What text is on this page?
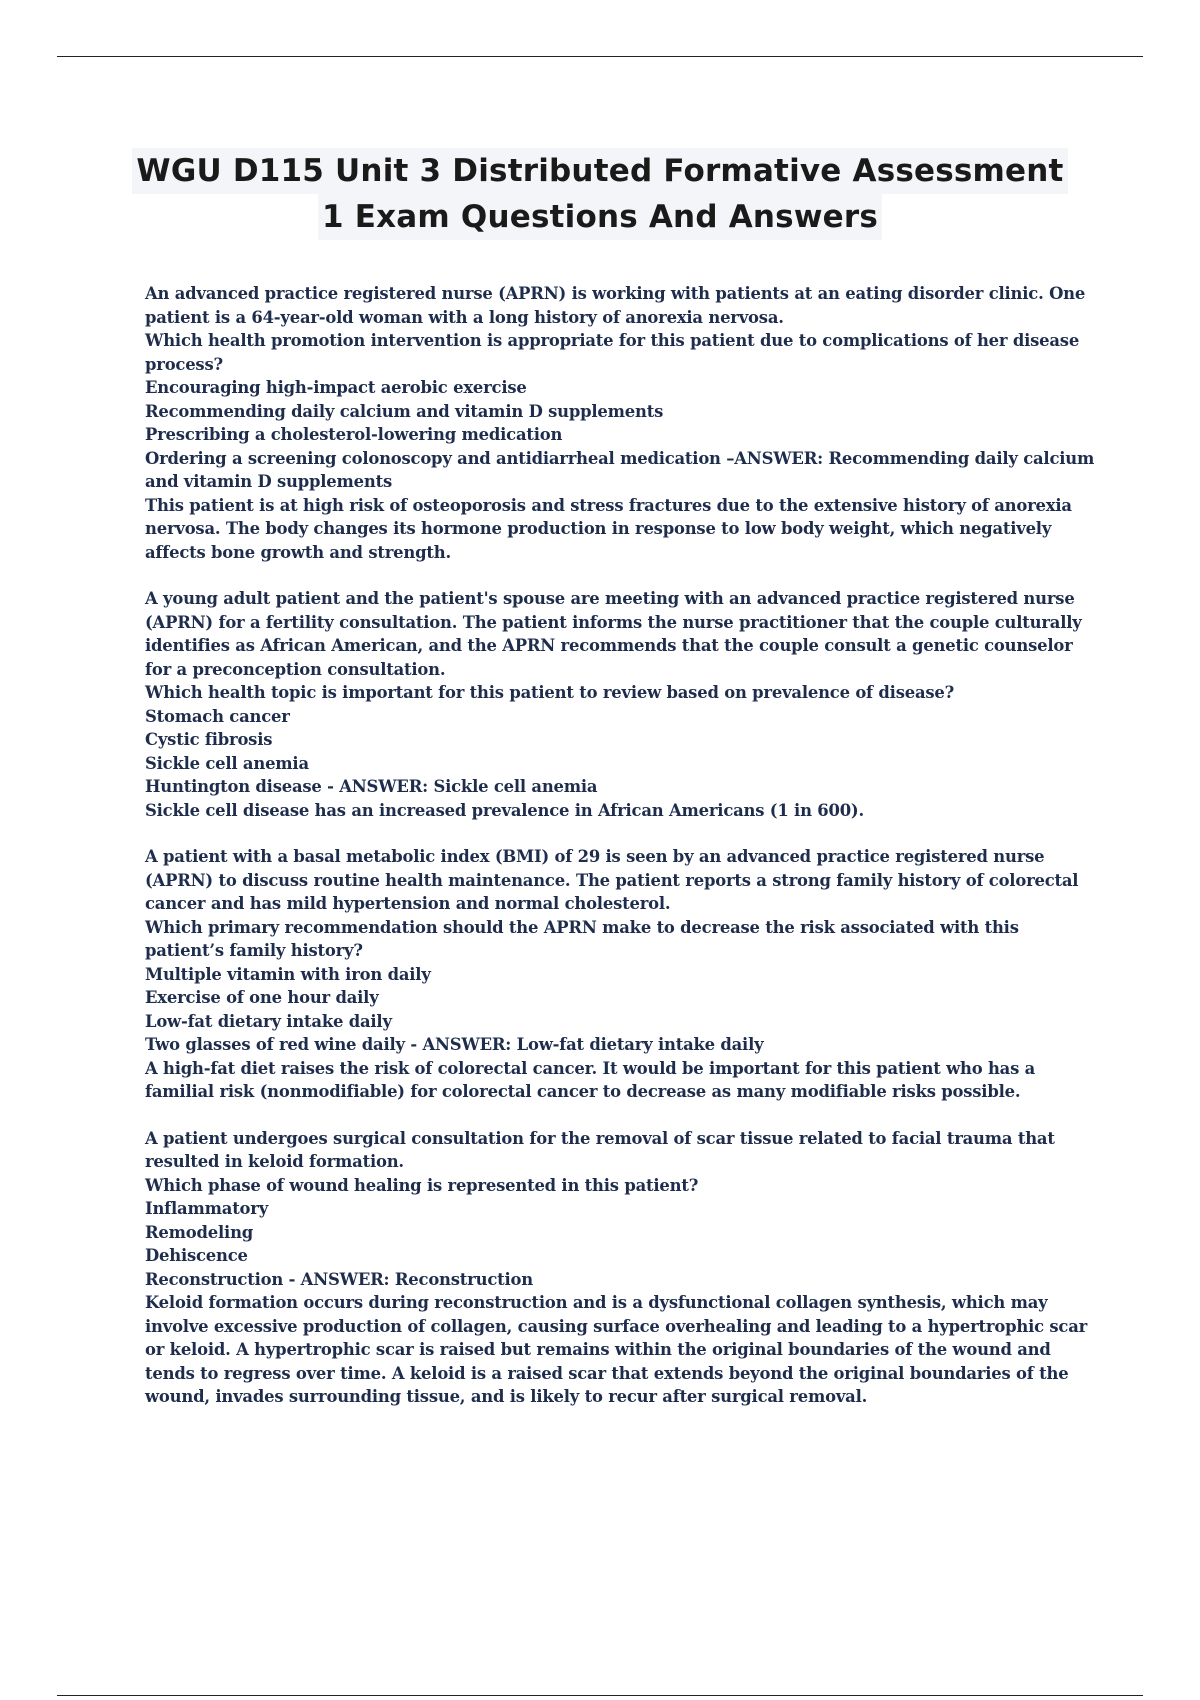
WGU D115 Unit 3 Distributed Formative Assessment
1 Exam Questions And Answers
An advanced practice registered nurse (APRN) is working with patients at an eating disorder clinic. One patient is a 64-year-old woman with a long history of anorexia nervosa.
Which health promotion intervention is appropriate for this patient due to complications of her disease process?
Encouraging high-impact aerobic exercise
Recommending daily calcium and vitamin D supplements
Prescribing a cholesterol-lowering medication
Ordering a screening colonoscopy and antidiarrheal medication –ANSWER: Recommending daily calcium and vitamin D supplements
This patient is at high risk of osteoporosis and stress fractures due to the extensive history of anorexia nervosa. The body changes its hormone production in response to low body weight, which negatively affects bone growth and strength.
A young adult patient and the patient's spouse are meeting with an advanced practice registered nurse (APRN) for a fertility consultation. The patient informs the nurse practitioner that the couple culturally identifies as African American, and the APRN recommends that the couple consult a genetic counselor for a preconception consultation.
Which health topic is important for this patient to review based on prevalence of disease?
Stomach cancer
Cystic fibrosis
Sickle cell anemia
Huntington disease - ANSWER: Sickle cell anemia
Sickle cell disease has an increased prevalence in African Americans (1 in 600).
A patient with a basal metabolic index (BMI) of 29 is seen by an advanced practice registered nurse (APRN) to discuss routine health maintenance. The patient reports a strong family history of colorectal cancer and has mild hypertension and normal cholesterol.
Which primary recommendation should the APRN make to decrease the risk associated with this patient’s family history?
Multiple vitamin with iron daily
Exercise of one hour daily
Low-fat dietary intake daily
Two glasses of red wine daily - ANSWER: Low-fat dietary intake daily
A high-fat diet raises the risk of colorectal cancer. It would be important for this patient who has a familial risk (nonmodifiable) for colorectal cancer to decrease as many modifiable risks possible.
A patient undergoes surgical consultation for the removal of scar tissue related to facial trauma that resulted in keloid formation.
Which phase of wound healing is represented in this patient?
Inflammatory
Remodeling
Dehiscence
Reconstruction - ANSWER: Reconstruction
Keloid formation occurs during reconstruction and is a dysfunctional collagen synthesis, which may involve excessive production of collagen, causing surface overhealing and leading to a hypertrophic scar or keloid. A hypertrophic scar is raised but remains within the original boundaries of the wound and tends to regress over time. A keloid is a raised scar that extends beyond the original boundaries of the wound, invades surrounding tissue, and is likely to recur after surgical removal.
